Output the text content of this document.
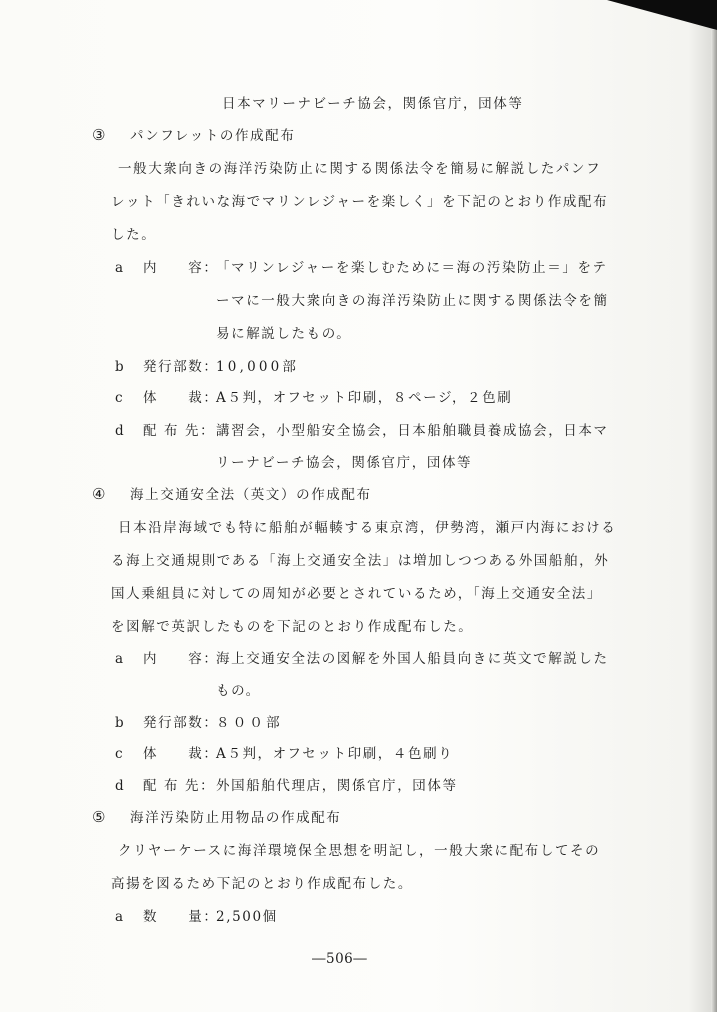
日本マリーナビーチ協会，関係官庁，団体等
③ パンフレットの作成配布
一般大衆向きの海洋汚染防止に関する関係法令を簡易に解説したパンフ
レット「きれいな海でマリンレジャーを楽しく」を下記のとおり作成配布
した。
a 内　　容：
「マリンレジャーを楽しむために＝海の汚染防止＝」をテ
ーマに一般大衆向きの海洋汚染防止に関する関係法令を簡
易に解説したもの。
b 発行部数：
10,000部
c 体　　裁：
A５判，オフセット印刷，８ページ，２色刷
d 配 布 先： 講習会，小型船安全協会，日本船舶職員養成協会，日本マ
リーナビーチ協会，関係官庁，団体等
④ 海上交通安全法（英文）の作成配布
日本沿岸海域でも特に船舶が輻輳する東京湾，伊勢湾，瀬戸内海における
る海上交通規則である「海上交通安全法」は増加しつつある外国船舶，外
国人乗組員に対しての周知が必要とされているため，「海上交通安全法」
を図解で英訳したものを下記のとおり作成配布した。
a 内　　容：
海上交通安全法の図解を外国人船員向きに英文で解説した
もの。
b 発行部数：
８００部
c 体　　裁：
A５判，オフセット印刷，４色刷り
d 配 布 先： 外国船舶代理店，関係官庁，団体等
⑤ 海洋汚染防止用物品の作成配布
クリヤーケースに海洋環境保全思想を明記し，一般大衆に配布してその
高揚を図るため下記のとおり作成配布した。
a 数　　量：
2,500個
―506―
